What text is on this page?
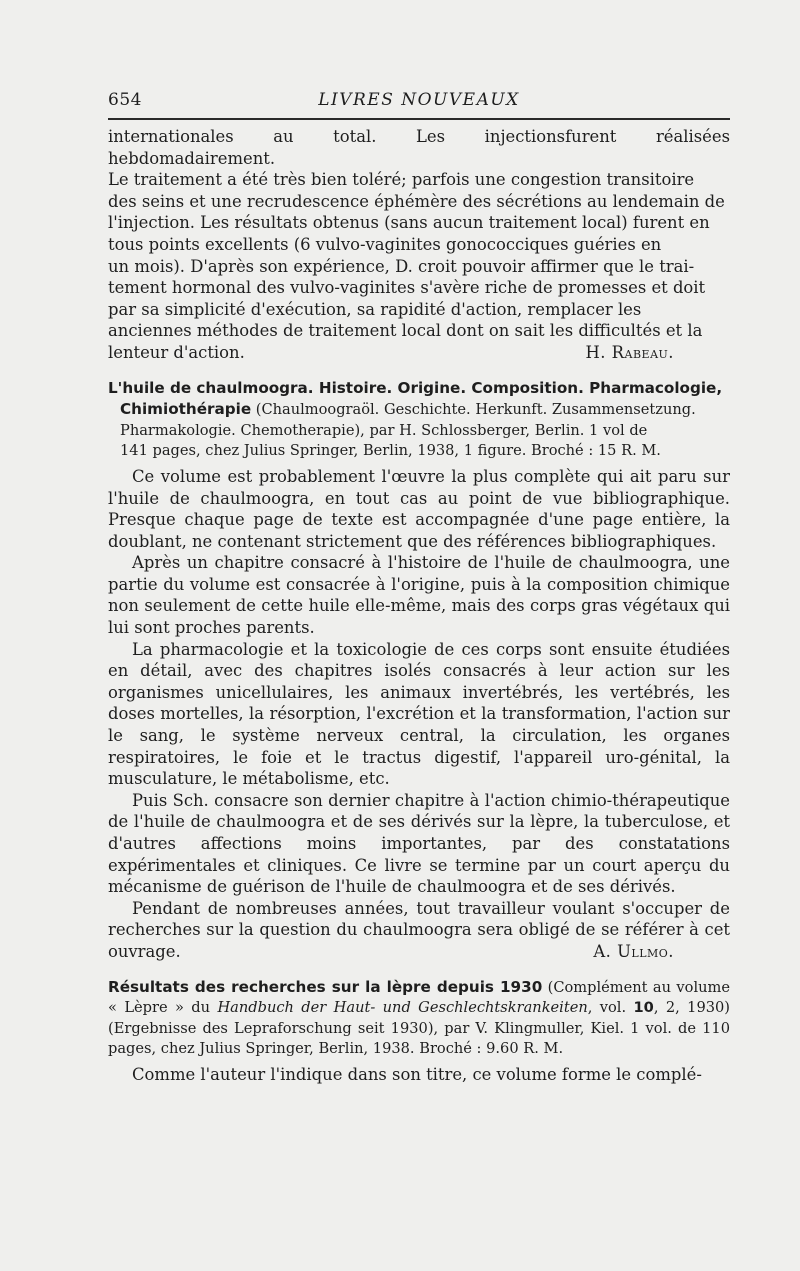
654	LIVRES NOUVEAUX

internationales au total. Les injectionsfurent réalisées hebdomadairement.

Le traitement a été très bien toléré; parfois une congestion transitoire

des seins et une recrudescence éphémère des sécrétions au lendemain de

l'injection. Les résultats obtenus (sans aucun traitement local) furent en

tous points excellents (6 vulvo-vaginites gonococciques guéries en

un mois). D'après son expérience, D. croit pouvoir affirmer que le trai-

tement hormonal des vulvo-vaginites s'avère riche de promesses et doit

par sa simplicité d'exécution, sa rapidité d'action, remplacer les

anciennes méthodes de traitement local dont on sait les difficultés et la

lenteur d'action.	H. Rabeau.

L'huile de chaulmoogra. Histoire. Origine. Composition. Pharmacologie,

Chimiothérapie (Chaulmoograöl. Geschichte. Herkunft. Zusammensetzung.

Pharmakologie. Chemotherapie), par H. Schlossberger, Berlin. 1 vol de

141 pages, chez Julius Springer, Berlin, 1938, 1 figure. Broché : 15 R. M.

Ce volume est probablement l'œuvre la plus complète qui ait paru sur l'huile de chaulmoogra, en tout cas au point de vue bibliographique. Presque chaque page de texte est accompagnée d'une page entière, la doublant, ne contenant strictement que des références bibliographiques.

Après un chapitre consacré à l'histoire de l'huile de chaulmoogra, une partie du volume est consacrée à l'origine, puis à la composition chimique non seulement de cette huile elle-même, mais des corps gras végétaux qui lui sont proches parents.

La pharmacologie et la toxicologie de ces corps sont ensuite étudiées en détail, avec des chapitres isolés consacrés à leur action sur les organismes unicellulaires, les animaux invertébrés, les vertébrés, les doses mortelles, la résorption, l'excrétion et la transformation, l'action sur le sang, le système nerveux central, la circulation, les organes respiratoires, le foie et le tractus digestif, l'appareil uro-génital, la musculature, le métabolisme, etc.

Puis Sch. consacre son dernier chapitre à l'action chimio-thérapeutique de l'huile de chaulmoogra et de ses dérivés sur la lèpre, la tuberculose, et d'autres affections moins importantes, par des constatations expérimentales et cliniques. Ce livre se termine par un court aperçu du mécanisme de guérison de l'huile de chaulmoogra et de ses dérivés.

Pendant de nombreuses années, tout travailleur voulant s'occuper de recherches sur la question du chaulmoogra sera obligé de se référer à cet ouvrage.	A. Ullmo.

Résultats des recherches sur la lèpre depuis 1930 (Complément au volume « Lèpre » du Handbuch der Haut- und Geschlechtskrankeiten, vol. 10, 2, 1930) (Ergebnisse des Lepraforschung seit 1930), par V. Klingmuller, Kiel. 1 vol. de 110 pages, chez Julius Springer, Berlin, 1938. Broché : 9.60 R. M.

Comme l'auteur l'indique dans son titre, ce volume forme le complé-
